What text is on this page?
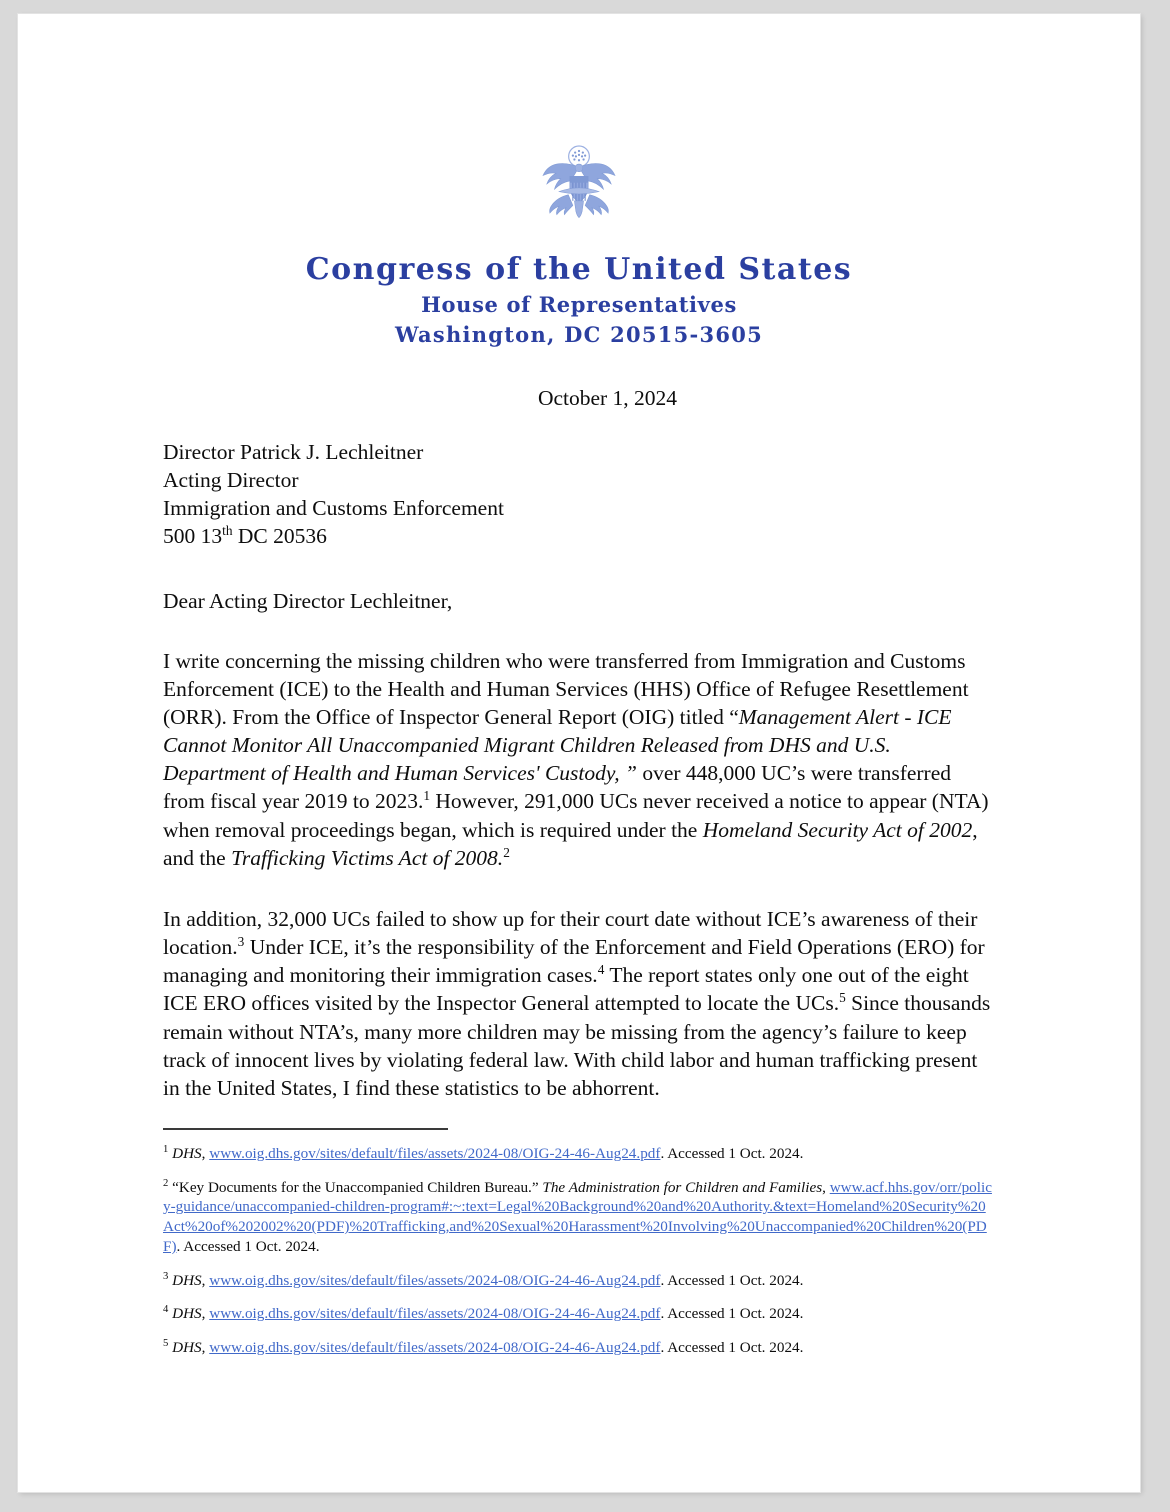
Congress of the United States
House of Representatives
Washington, DC 20515-3605
October 1, 2024
Director Patrick J. Lechleitner
Acting Director
Immigration and Customs Enforcement
500 13th DC 20536
Dear Acting Director Lechleitner,

I write concerning the missing children who were transferred from Immigration and Customs Enforcement (ICE) to the Health and Human Services (HHS) Office of Refugee Resettlement (ORR). From the Office of Inspector General Report (OIG) titled “Management Alert - ICE Cannot Monitor All Unaccompanied Migrant Children Released from DHS and U.S. Department of Health and Human Services' Custody, ” over 448,000 UC’s were transferred from fiscal year 2019 to 2023.$^1$ However, 291,000 UCs never received a notice to appear (NTA) when removal proceedings began, which is required under the Homeland Security Act of 2002, and the Trafficking Victims Act of 2008.$^2$

In addition, 32,000 UCs failed to show up for their court date without ICE’s awareness of their location.$^3$ Under ICE, it’s the responsibility of the Enforcement and Field Operations (ERO) for managing and monitoring their immigration cases.$^4$ The report states only one out of the eight ICE ERO offices visited by the Inspector General attempted to locate the UCs.$^5$ Since thousands remain without NTA’s, many more children may be missing from the agency’s failure to keep track of innocent lives by violating federal law. With child labor and human trafficking present in the United States, I find these statistics to be abhorrent.

$^1$ DHS, www.oig.dhs.gov/sites/default/files/assets/2024-08/OIG-24-46-Aug24.pdf. Accessed 1 Oct. 2024.
$^2$ “Key Documents for the Unaccompanied Children Bureau.” The Administration for Children and Families, www.acf.hhs.gov/orr/policy-guidance/unaccompanied-children-program#:~:text=Legal%20Background%20and%20Authority.&text=Homeland%20Security%20Act%20of%202002%20(PDF)%20Trafficking,and%20Sexual%20Harassment%20Involving%20Unaccompanied%20Children%20(PDF). Accessed 1 Oct. 2024.
$^3$ DHS, www.oig.dhs.gov/sites/default/files/assets/2024-08/OIG-24-46-Aug24.pdf. Accessed 1 Oct. 2024.
$^4$ DHS, www.oig.dhs.gov/sites/default/files/assets/2024-08/OIG-24-46-Aug24.pdf. Accessed 1 Oct. 2024.
$^5$ DHS, www.oig.dhs.gov/sites/default/files/assets/2024-08/OIG-24-46-Aug24.pdf. Accessed 1 Oct. 2024.
